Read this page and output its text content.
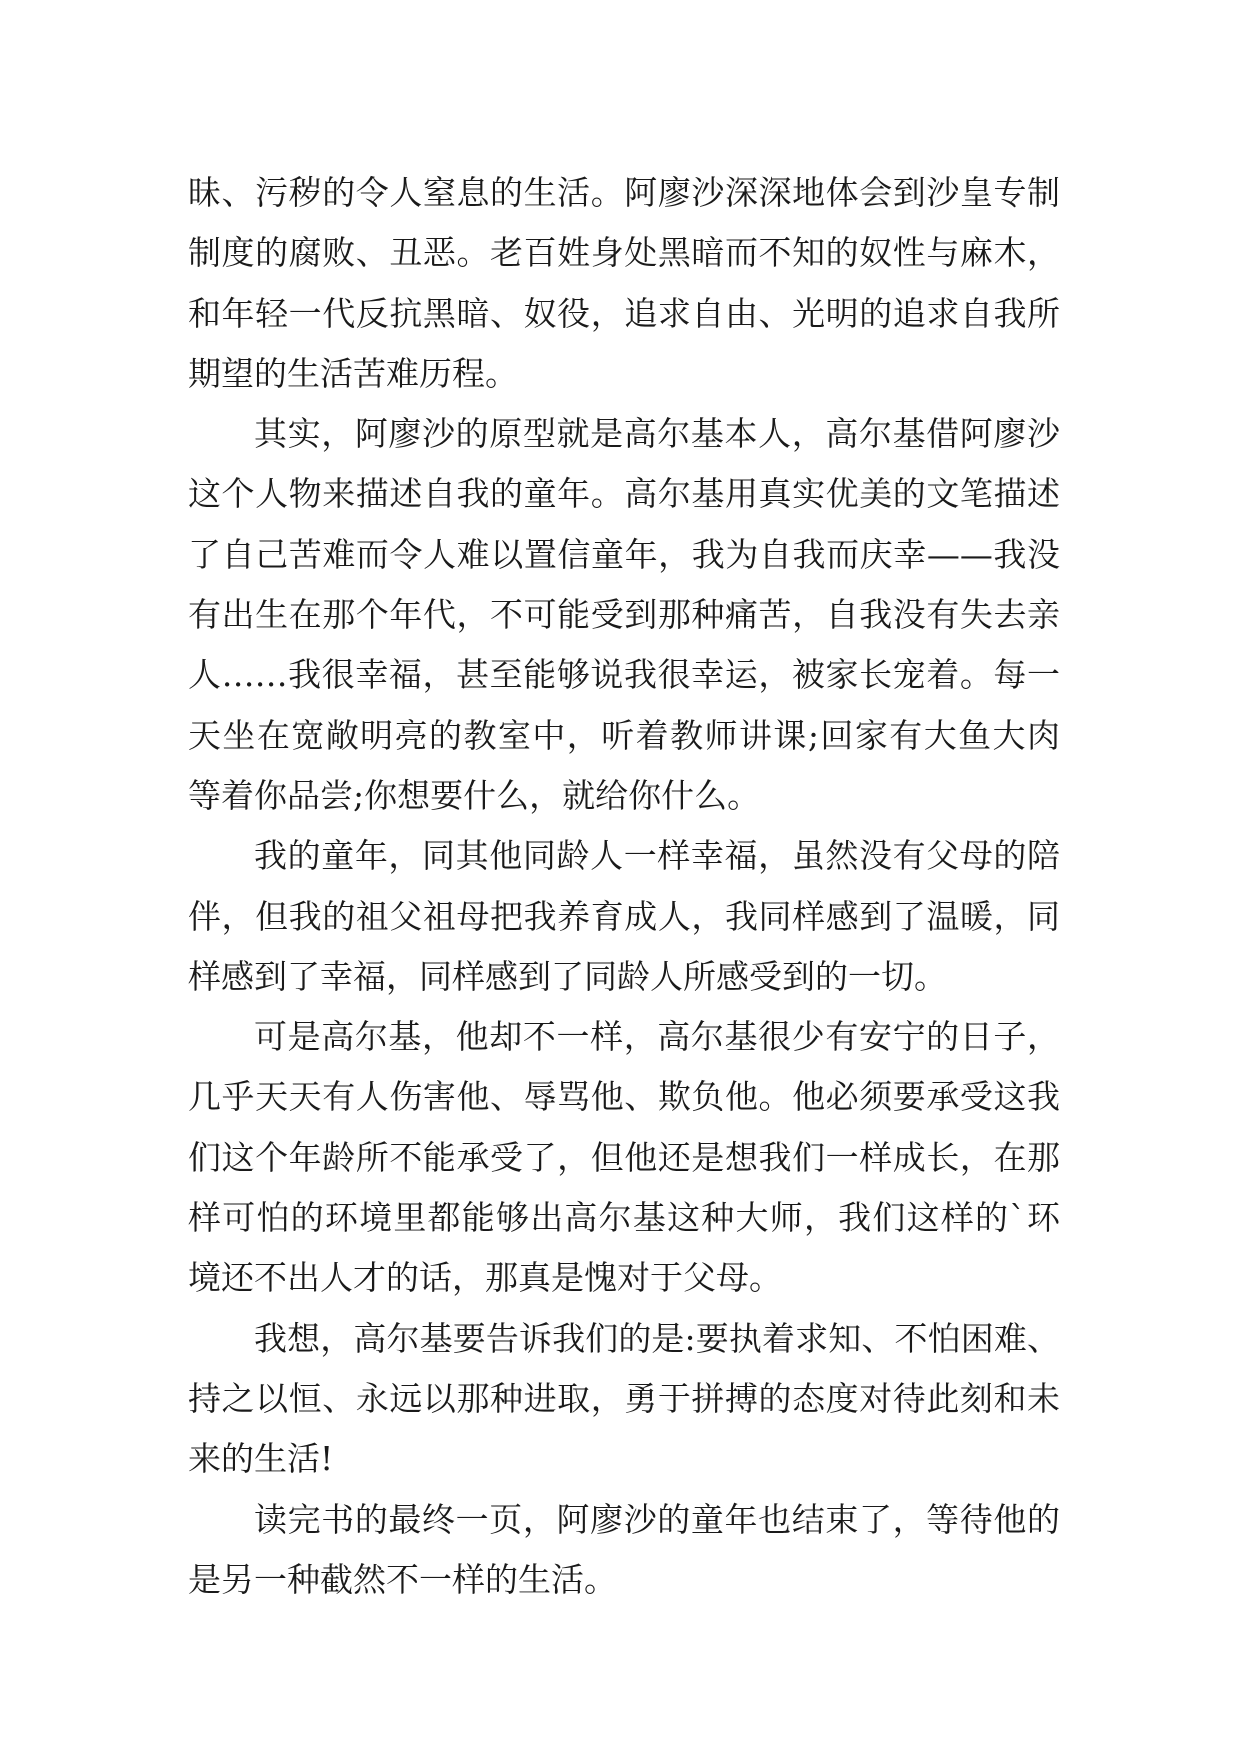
昧、污秽的令人窒息的生活。阿廖沙深深地体会到沙皇专制
制度的腐败、丑恶。老百姓身处黑暗而不知的奴性与麻木，
和年轻一代反抗黑暗、奴役，追求自由、光明的追求自我所
期望的生活苦难历程。
其实，阿廖沙的原型就是高尔基本人，高尔基借阿廖沙
这个人物来描述自我的童年。高尔基用真实优美的文笔描述
了自己苦难而令人难以置信童年，我为自我而庆幸——我没
有出生在那个年代，不可能受到那种痛苦，自我没有失去亲
人……我很幸福，甚至能够说我很幸运，被家长宠着。每一
天坐在宽敞明亮的教室中，听着教师讲课;回家有大鱼大肉
等着你品尝;你想要什么，就给你什么。
我的童年，同其他同龄人一样幸福，虽然没有父母的陪
伴，但我的祖父祖母把我养育成人，我同样感到了温暖，同
样感到了幸福，同样感到了同龄人所感受到的一切。
可是高尔基，他却不一样，高尔基很少有安宁的日子，
几乎天天有人伤害他、辱骂他、欺负他。他必须要承受这我
们这个年龄所不能承受了，但他还是想我们一样成长，在那
样可怕的环境里都能够出高尔基这种大师，我们这样的`环
境还不出人才的话，那真是愧对于父母。
我想，高尔基要告诉我们的是:要执着求知、不怕困难、
持之以恒、永远以那种进取，勇于拼搏的态度对待此刻和未
来的生活!
读完书的最终一页，阿廖沙的童年也结束了，等待他的
是另一种截然不一样的生活。
